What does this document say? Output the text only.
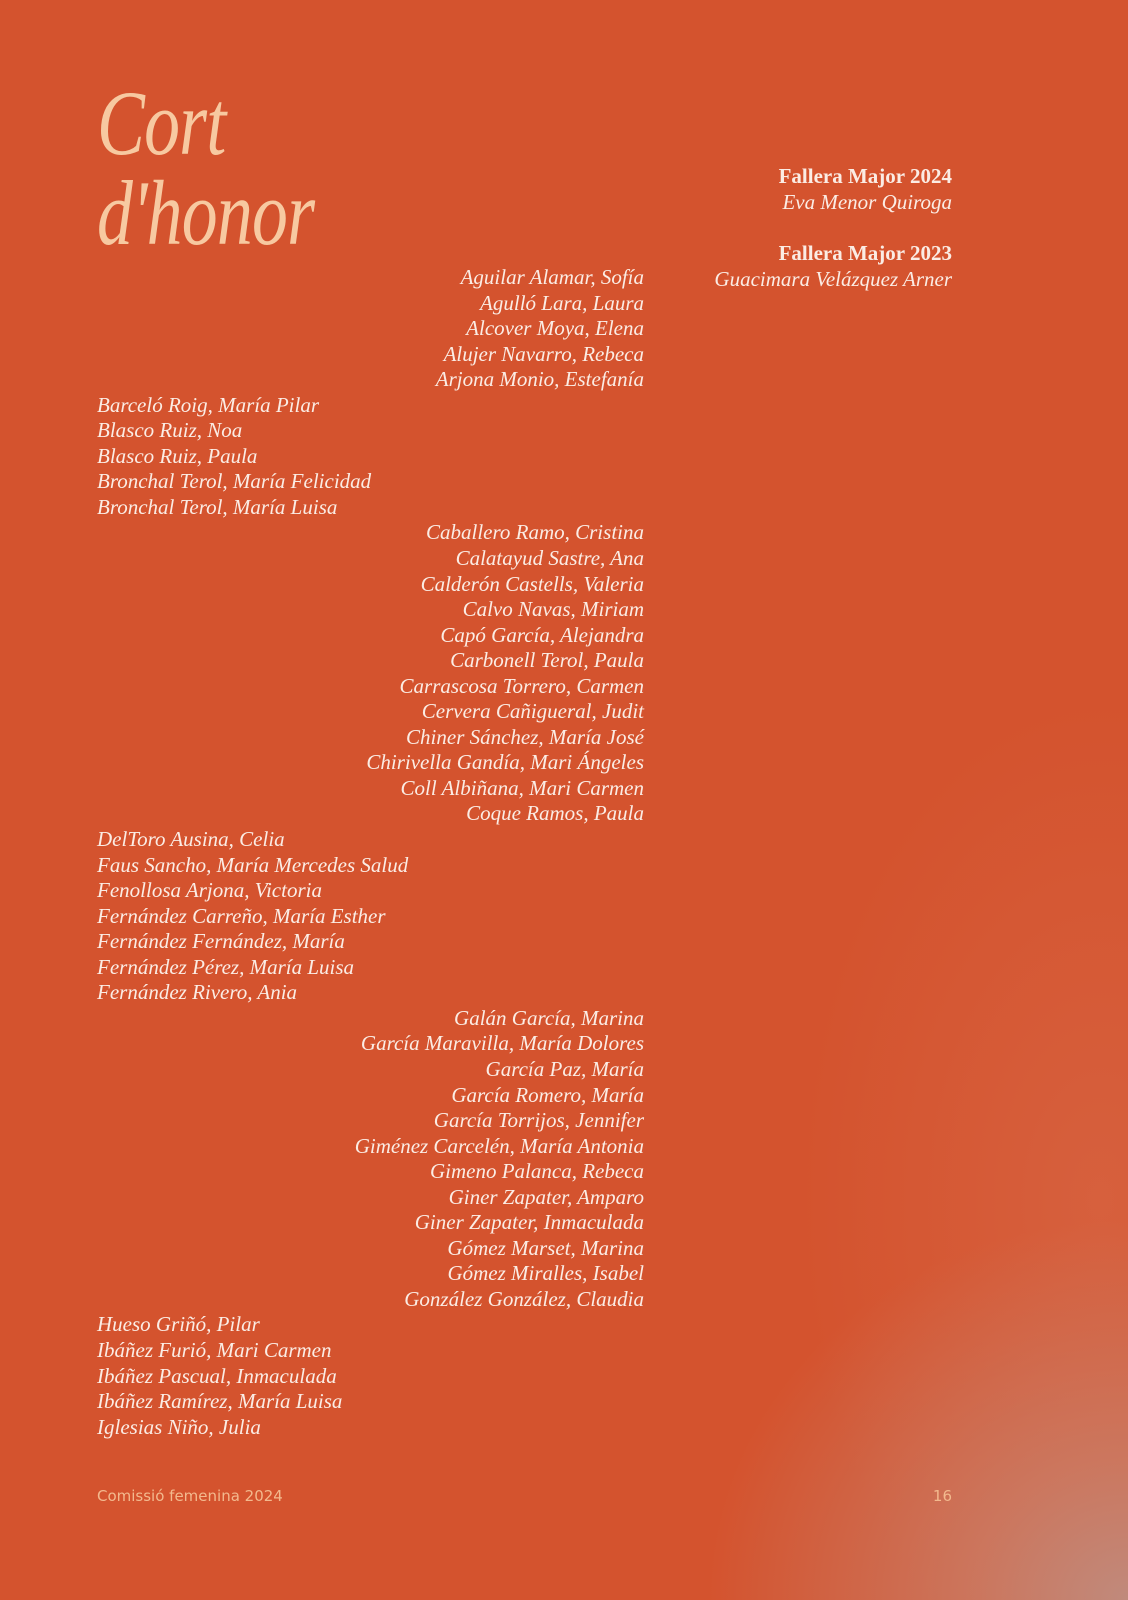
Cort
d'honor	Fallera Major 2024
Eva Menor Quiroga
Fallera Major 2023
Guacimara Velázquez Arner
Aguilar Alamar, Sofía
Agulló Lara, Laura
Alcover Moya, Elena
Alujer Navarro, Rebeca
Arjona Monio, Estefanía
Barceló Roig, María Pilar
Blasco Ruiz, Noa
Blasco Ruiz, Paula
Bronchal Terol, María Felicidad
Bronchal Terol, María Luisa
Caballero Ramo, Cristina
Calatayud Sastre, Ana
Calderón Castells, Valeria
Calvo Navas, Miriam
Capó García, Alejandra
Carbonell Terol, Paula
Carrascosa Torrero, Carmen
Cervera Cañigueral, Judit
Chiner Sánchez, María José
Chirivella Gandía, Mari Ángeles
Coll Albiñana, Mari Carmen
Coque Ramos, Paula
DelToro Ausina, Celia
Faus Sancho, María Mercedes Salud
Fenollosa Arjona, Victoria
Fernández Carreño, María Esther
Fernández Fernández, María
Fernández Pérez, María Luisa
Fernández Rivero, Ania
Galán García, Marina
García Maravilla, María Dolores
García Paz, María
García Romero, María
García Torrijos, Jennifer
Giménez Carcelén, María Antonia
Gimeno Palanca, Rebeca
Giner Zapater, Amparo
Giner Zapater, Inmaculada
Gómez Marset, Marina
Gómez Miralles, Isabel
González González, Claudia
Hueso Griñó, Pilar
Ibáñez Furió, Mari Carmen
Ibáñez Pascual, Inmaculada
Ibáñez Ramírez, María Luisa
Iglesias Niño, Julia
Comissió femenina 2024	16
